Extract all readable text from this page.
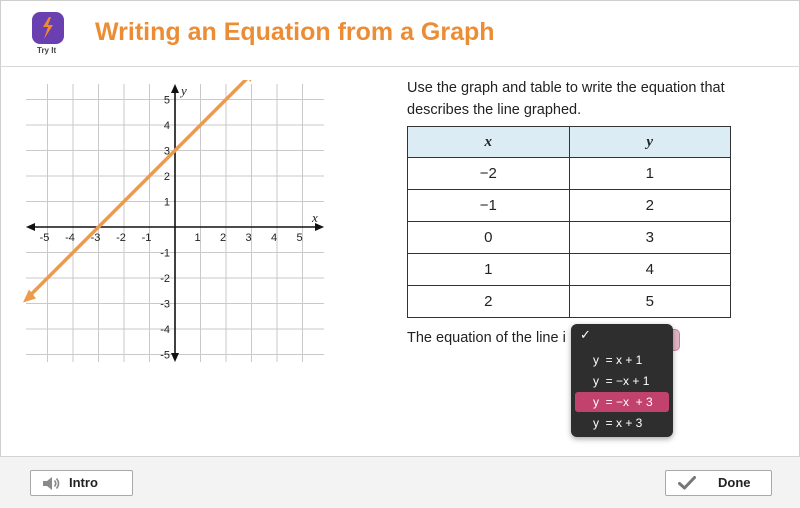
Try It
Writing an Equation from a Graph
-5 -4 -3 -2 -1	1 2 3 4 5
5
4
3
2
1
-1
-2
-3
-4
-5
x
y	Use the graph and table to write the equation that describes the line graphed.
x	y
−2	1
−1	2
0	3
1	4
2	5
The equation of the line i ✓
y  = x + 1
y  = −x + 1
y  = −x  + 3
y  = x + 3
Intro	Done
